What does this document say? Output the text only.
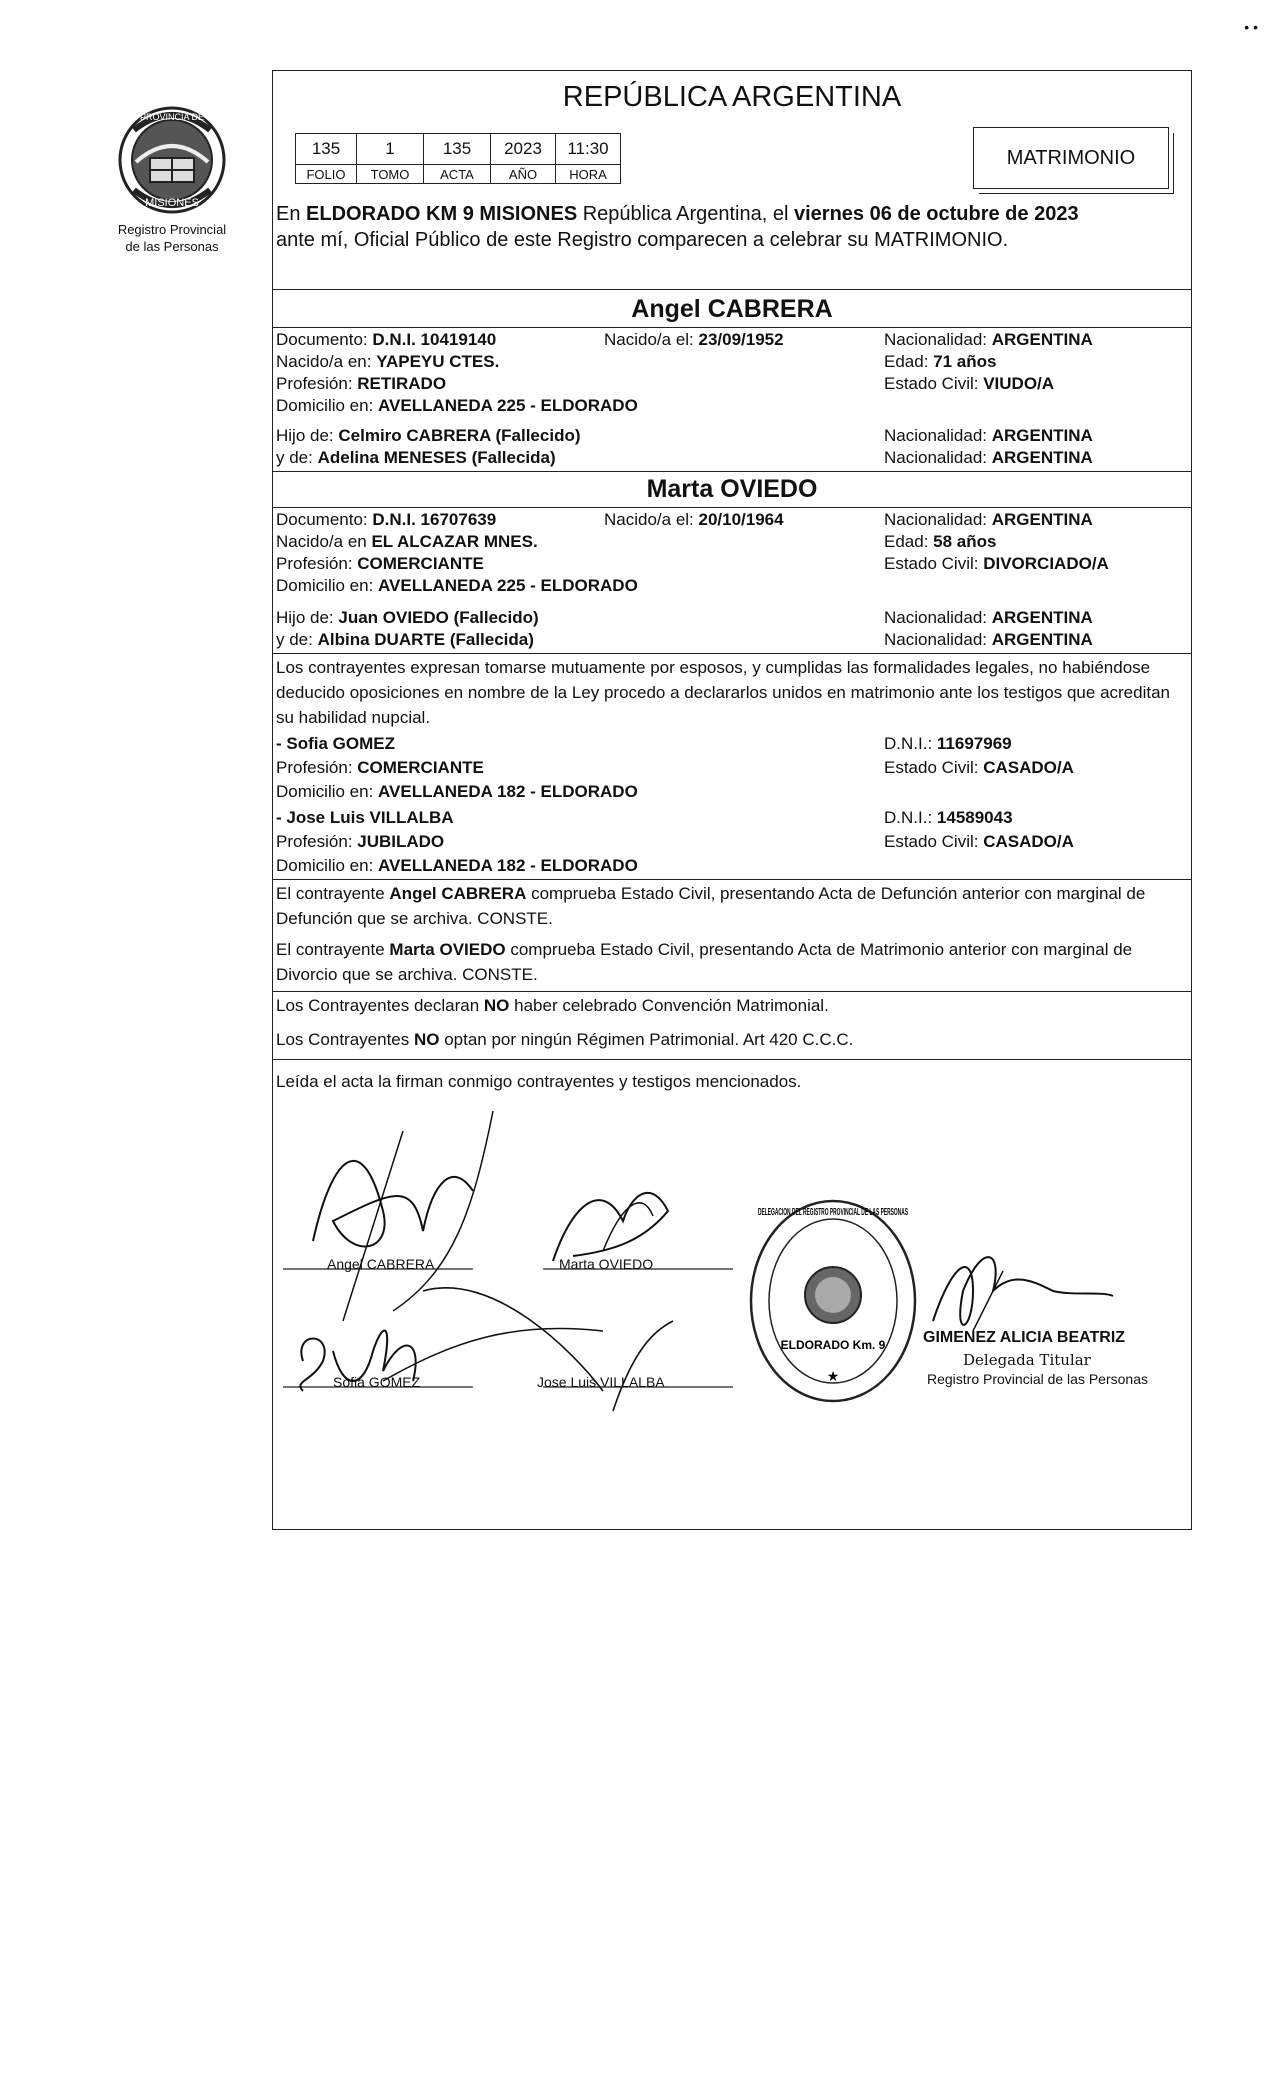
• •
PROVINCIA DE
MISIONES
Registro Provincial
de las Personas
REPÚBLICA ARGENTINA
135	1	135	2023	11:30
FOLIO	TOMO	ACTA	AÑO	HORA
MATRIMONIO
En ELDORADO KM 9 MISIONES República Argentina, el viernes 06 de octubre de 2023
ante mí, Oficial Público de este Registro comparecen a celebrar su MATRIMONIO.
Angel CABRERA
Documento: D.N.I. 10419140	Nacido/a el: 23/09/1952	Nacionalidad: ARGENTINA
Nacido/a en: YAPEYU CTES.	Edad: 71 años
Profesión: RETIRADO	Estado Civil: VIUDO/A
Domicilio en: AVELLANEDA 225 - ELDORADO
Hijo de: Celmiro CABRERA (Fallecido)	Nacionalidad: ARGENTINA
y de: Adelina MENESES (Fallecida)	Nacionalidad: ARGENTINA
Marta OVIEDO
Documento: D.N.I. 16707639	Nacido/a el: 20/10/1964	Nacionalidad: ARGENTINA
Nacido/a en EL ALCAZAR MNES.	Edad: 58 años
Profesión: COMERCIANTE	Estado Civil: DIVORCIADO/A
Domicilio en: AVELLANEDA 225 - ELDORADO
Hijo de: Juan OVIEDO (Fallecido)	Nacionalidad: ARGENTINA
y de: Albina DUARTE (Fallecida)	Nacionalidad: ARGENTINA
Los contrayentes expresan tomarse mutuamente por esposos, y cumplidas las formalidades legales, no habiéndose deducido oposiciones en nombre de la Ley procedo a declararlos unidos en matrimonio ante los testigos que acreditan su habilidad nupcial.
- Sofia GOMEZ	D.N.I.: 11697969
Profesión: COMERCIANTE	Estado Civil: CASADO/A
Domicilio en: AVELLANEDA 182 - ELDORADO
- Jose Luis VILLALBA	D.N.I.: 14589043
Profesión: JUBILADO	Estado Civil: CASADO/A
Domicilio en: AVELLANEDA 182 - ELDORADO
El contrayente Angel CABRERA comprueba Estado Civil, presentando Acta de Defunción anterior con marginal de Defunción que se archiva. CONSTE.
El contrayente Marta OVIEDO comprueba Estado Civil, presentando Acta de Matrimonio anterior con marginal de Divorcio que se archiva. CONSTE.
Los Contrayentes declaran NO haber celebrado Convención Matrimonial.
Los Contrayentes NO optan por ningún Régimen Patrimonial. Art 420 C.C.C.
Leída el acta la firman conmigo contrayentes y testigos mencionados.
DELEGACION DEL REGISTRO PROVINCIAL DE LAS PERSONAS
ELDORADO Km. 9
★
Angel CABRERA	Marta OVIEDO
Sofia GOMEZ	Jose Luis VILLALBA
GIMENEZ ALICIA BEATRIZ
Delegada Titular
Registro Provincial de las Personas
